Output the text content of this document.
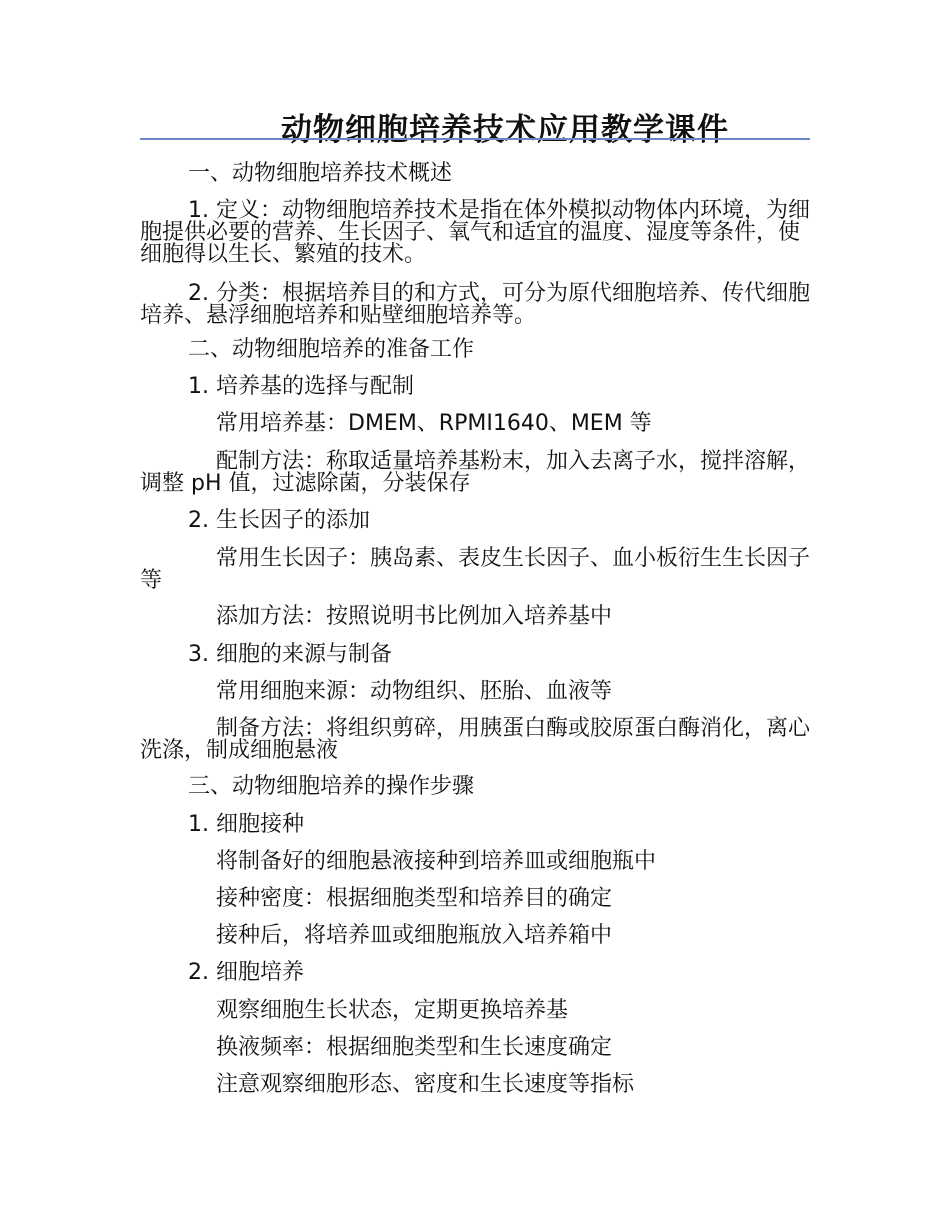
动物细胞培养技术应用教学课件
一、动物细胞培养技术概述
1. 定义：动物细胞培养技术是指在体外模拟动物体内环境，为细胞提供必要的营养、生长因子、氧气和适宜的温度、湿度等条件，使细胞得以生长、繁殖的技术。
2. 分类：根据培养目的和方式，可分为原代细胞培养、传代细胞培养、悬浮细胞培养和贴壁细胞培养等。
二、动物细胞培养的准备工作
1. 培养基的选择与配制
常用培养基：DMEM、RPMI1640、MEM 等
配制方法：称取适量培养基粉末，加入去离子水，搅拌溶解，调整 pH 值，过滤除菌，分装保存
2. 生长因子的添加
常用生长因子：胰岛素、表皮生长因子、血小板衍生生长因子等
添加方法：按照说明书比例加入培养基中
3. 细胞的来源与制备
常用细胞来源：动物组织、胚胎、血液等
制备方法：将组织剪碎，用胰蛋白酶或胶原蛋白酶消化，离心洗涤，制成细胞悬液
三、动物细胞培养的操作步骤
1. 细胞接种
将制备好的细胞悬液接种到培养皿或细胞瓶中
接种密度：根据细胞类型和培养目的确定
接种后，将培养皿或细胞瓶放入培养箱中
2. 细胞培养
观察细胞生长状态，定期更换培养基
换液频率：根据细胞类型和生长速度确定
注意观察细胞形态、密度和生长速度等指标
